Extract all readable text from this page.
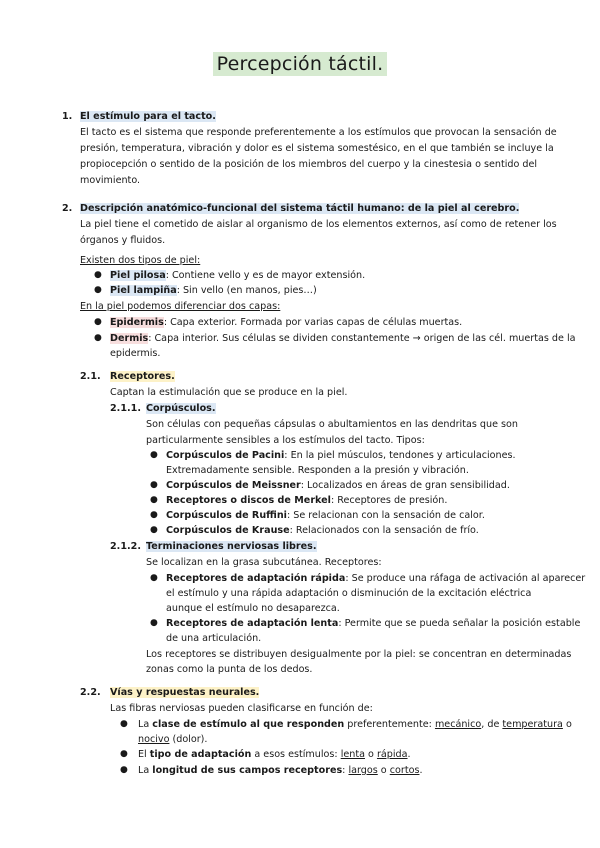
Percepción táctil.
1. El estímulo para el tacto.
El tacto es el sistema que responde preferentemente a los estímulos que provocan la sensación de
presión, temperatura, vibración y dolor es el sistema somestésico, en el que también se incluye la
propiocepción o sentido de la posición de los miembros del cuerpo y la cinestesia o sentido del
movimiento.
2. Descripción anatómico-funcional del sistema táctil humano: de la piel al cerebro.
La piel tiene el cometido de aislar al organismo de los elementos externos, así como de retener los
órganos y fluidos.
Existen dos tipos de piel:
● Piel pilosa: Contiene vello y es de mayor extensión.
● Piel lampiña: Sin vello (en manos, pies…)
En la piel podemos diferenciar dos capas:
● Epidermis: Capa exterior. Formada por varias capas de células muertas.
● Dermis: Capa interior. Sus células se dividen constantemente → origen de las cél. muertas de la
epidermis.
2.1. Receptores.
Captan la estimulación que se produce en la piel.
2.1.1. Corpúsculos.
Son células con pequeñas cápsulas o abultamientos en las dendritas que son
particularmente sensibles a los estímulos del tacto. Tipos:
● Corpúsculos de Pacini: En la piel músculos, tendones y articulaciones.
Extremadamente sensible. Responden a la presión y vibración.
● Corpúsculos de Meissner: Localizados en áreas de gran sensibilidad.
● Receptores o discos de Merkel: Receptores de presión.
● Corpúsculos de Ruffini: Se relacionan con la sensación de calor.
● Corpúsculos de Krause: Relacionados con la sensación de frío.
2.1.2. Terminaciones nerviosas libres.
Se localizan en la grasa subcutánea. Receptores:
● Receptores de adaptación rápida: Se produce una ráfaga de activación al aparecer
el estímulo y una rápida adaptación o disminución de la excitación eléctrica
aunque el estímulo no desaparezca.
● Receptores de adaptación lenta: Permite que se pueda señalar la posición estable
de una articulación.
Los receptores se distribuyen desigualmente por la piel: se concentran en determinadas
zonas como la punta de los dedos.
2.2. Vías y respuestas neurales.
Las fibras nerviosas pueden clasificarse en función de:
● La clase de estímulo al que responden preferentemente: mecánico, de temperatura o
nocivo (dolor).
● El tipo de adaptación a esos estímulos: lenta o rápida.
● La longitud de sus campos receptores: largos o cortos.
